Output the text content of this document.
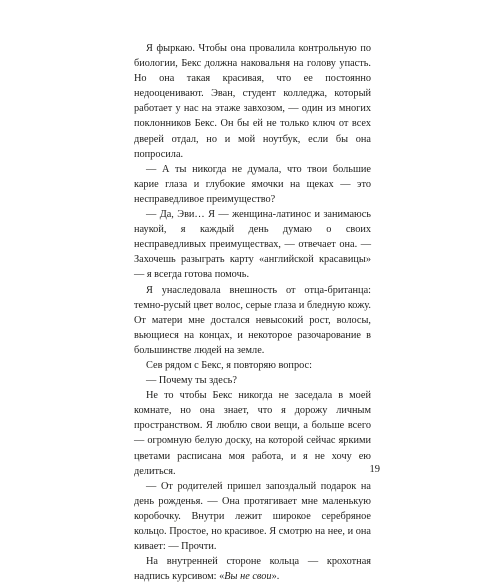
Я фыркаю. Чтобы она провалила контрольную по биологии, Бекс должна наковальня на голову упасть. Но она такая красивая, что ее постоянно недооценивают. Эван, студент колледжа, который работает у нас на этаже завхозом, — один из многих поклонников Бекс. Он бы ей не только ключ от всех дверей отдал, но и мой ноутбук, если бы она попросила.

— А ты никогда не думала, что твои большие карие глаза и глубокие ямочки на щеках — это несправедливое преимущество?

— Да, Эви… Я — женщина-латинос и занимаюсь наукой, я каждый день думаю о своих несправедливых преимуществах, — отвечает она. — Захочешь разыграть карту «английской красавицы» — я всегда готова помочь.

Я унаследовала внешность от отца-британца: темно-русый цвет волос, серые глаза и бледную кожу. От матери мне достался невысокий рост, волосы, вьющиеся на концах, и некоторое разочарование в большинстве людей на земле.

Сев рядом с Бекс, я повторяю вопрос:

— Почему ты здесь?

Не то чтобы Бекс никогда не заседала в моей комнате, но она знает, что я дорожу личным пространством. Я люблю свои вещи, а больше всего — огромную белую доску, на которой сейчас яркими цветами расписана моя работа, и я не хочу ею делиться.

— От родителей пришел запоздалый подарок на день рожденья. — Она протягивает мне маленькую коробочку. Внутри лежит широкое серебряное кольцо. Простое, но красивое. Я смотрю на нее, и она кивает: — Прочти.

На внутренней стороне кольца — крохотная надпись курсивом: «Вы не свои».

19
